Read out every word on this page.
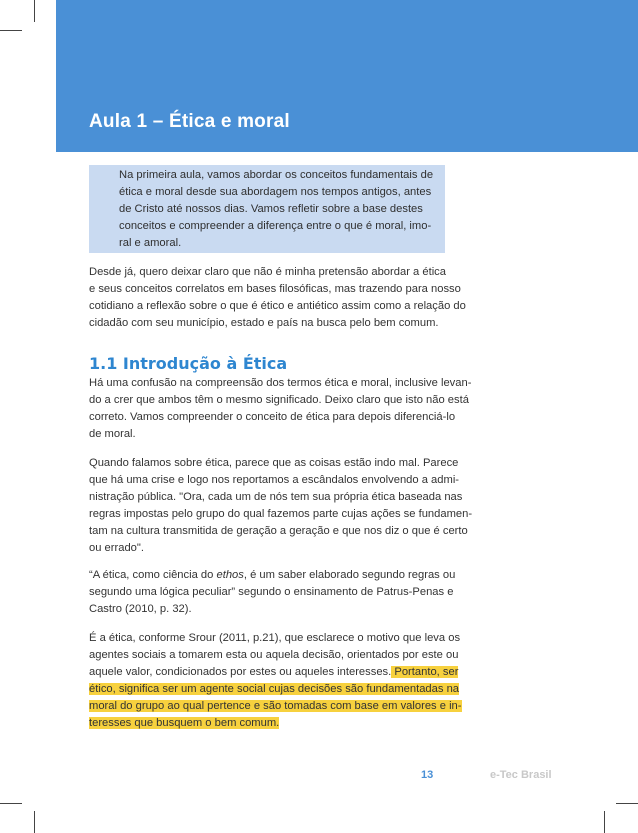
Aula 1 – Ética e moral
Na primeira aula, vamos abordar os conceitos fundamentais de
ética e moral desde sua abordagem nos tempos antigos, antes
de Cristo até nossos dias. Vamos refletir sobre a base destes
conceitos e compreender a diferença entre o que é moral, imo-
ral e amoral.
Desde já, quero deixar claro que não é minha pretensão abordar a ética
e seus conceitos correlatos em bases filosóficas, mas trazendo para nosso
cotidiano a reflexão sobre o que é ético e antiético assim como a relação do
cidadão com seu município, estado e país na busca pelo bem comum.
1.1 Introdução à Ética
Há uma confusão na compreensão dos termos ética e moral, inclusive levan-
do a crer que ambos têm o mesmo significado. Deixo claro que isto não está
correto. Vamos compreender o conceito de ética para depois diferenciá-lo
de moral.
Quando falamos sobre ética, parece que as coisas estão indo mal. Parece
que há uma crise e logo nos reportamos a escândalos envolvendo a admi-
nistração pública. "Ora, cada um de nós tem sua própria ética baseada nas
regras impostas pelo grupo do qual fazemos parte cujas ações se fundamen-
tam na cultura transmitida de geração a geração e que nos diz o que é certo
ou errado".
“A ética, como ciência do ethos, é um saber elaborado segundo regras ou
segundo uma lógica peculiar” segundo o ensinamento de Patrus-Penas e
Castro (2010, p. 32).
É a ética, conforme Srour (2011, p.21), que esclarece o motivo que leva os
agentes sociais a tomarem esta ou aquela decisão, orientados por este ou
aquele valor, condicionados por estes ou aqueles interesses. Portanto, ser
ético, significa ser um agente social cujas decisões são fundamentadas na
moral do grupo ao qual pertence e são tomadas com base em valores e in-
teresses que busquem o bem comum.
13	e-Tec Brasil
